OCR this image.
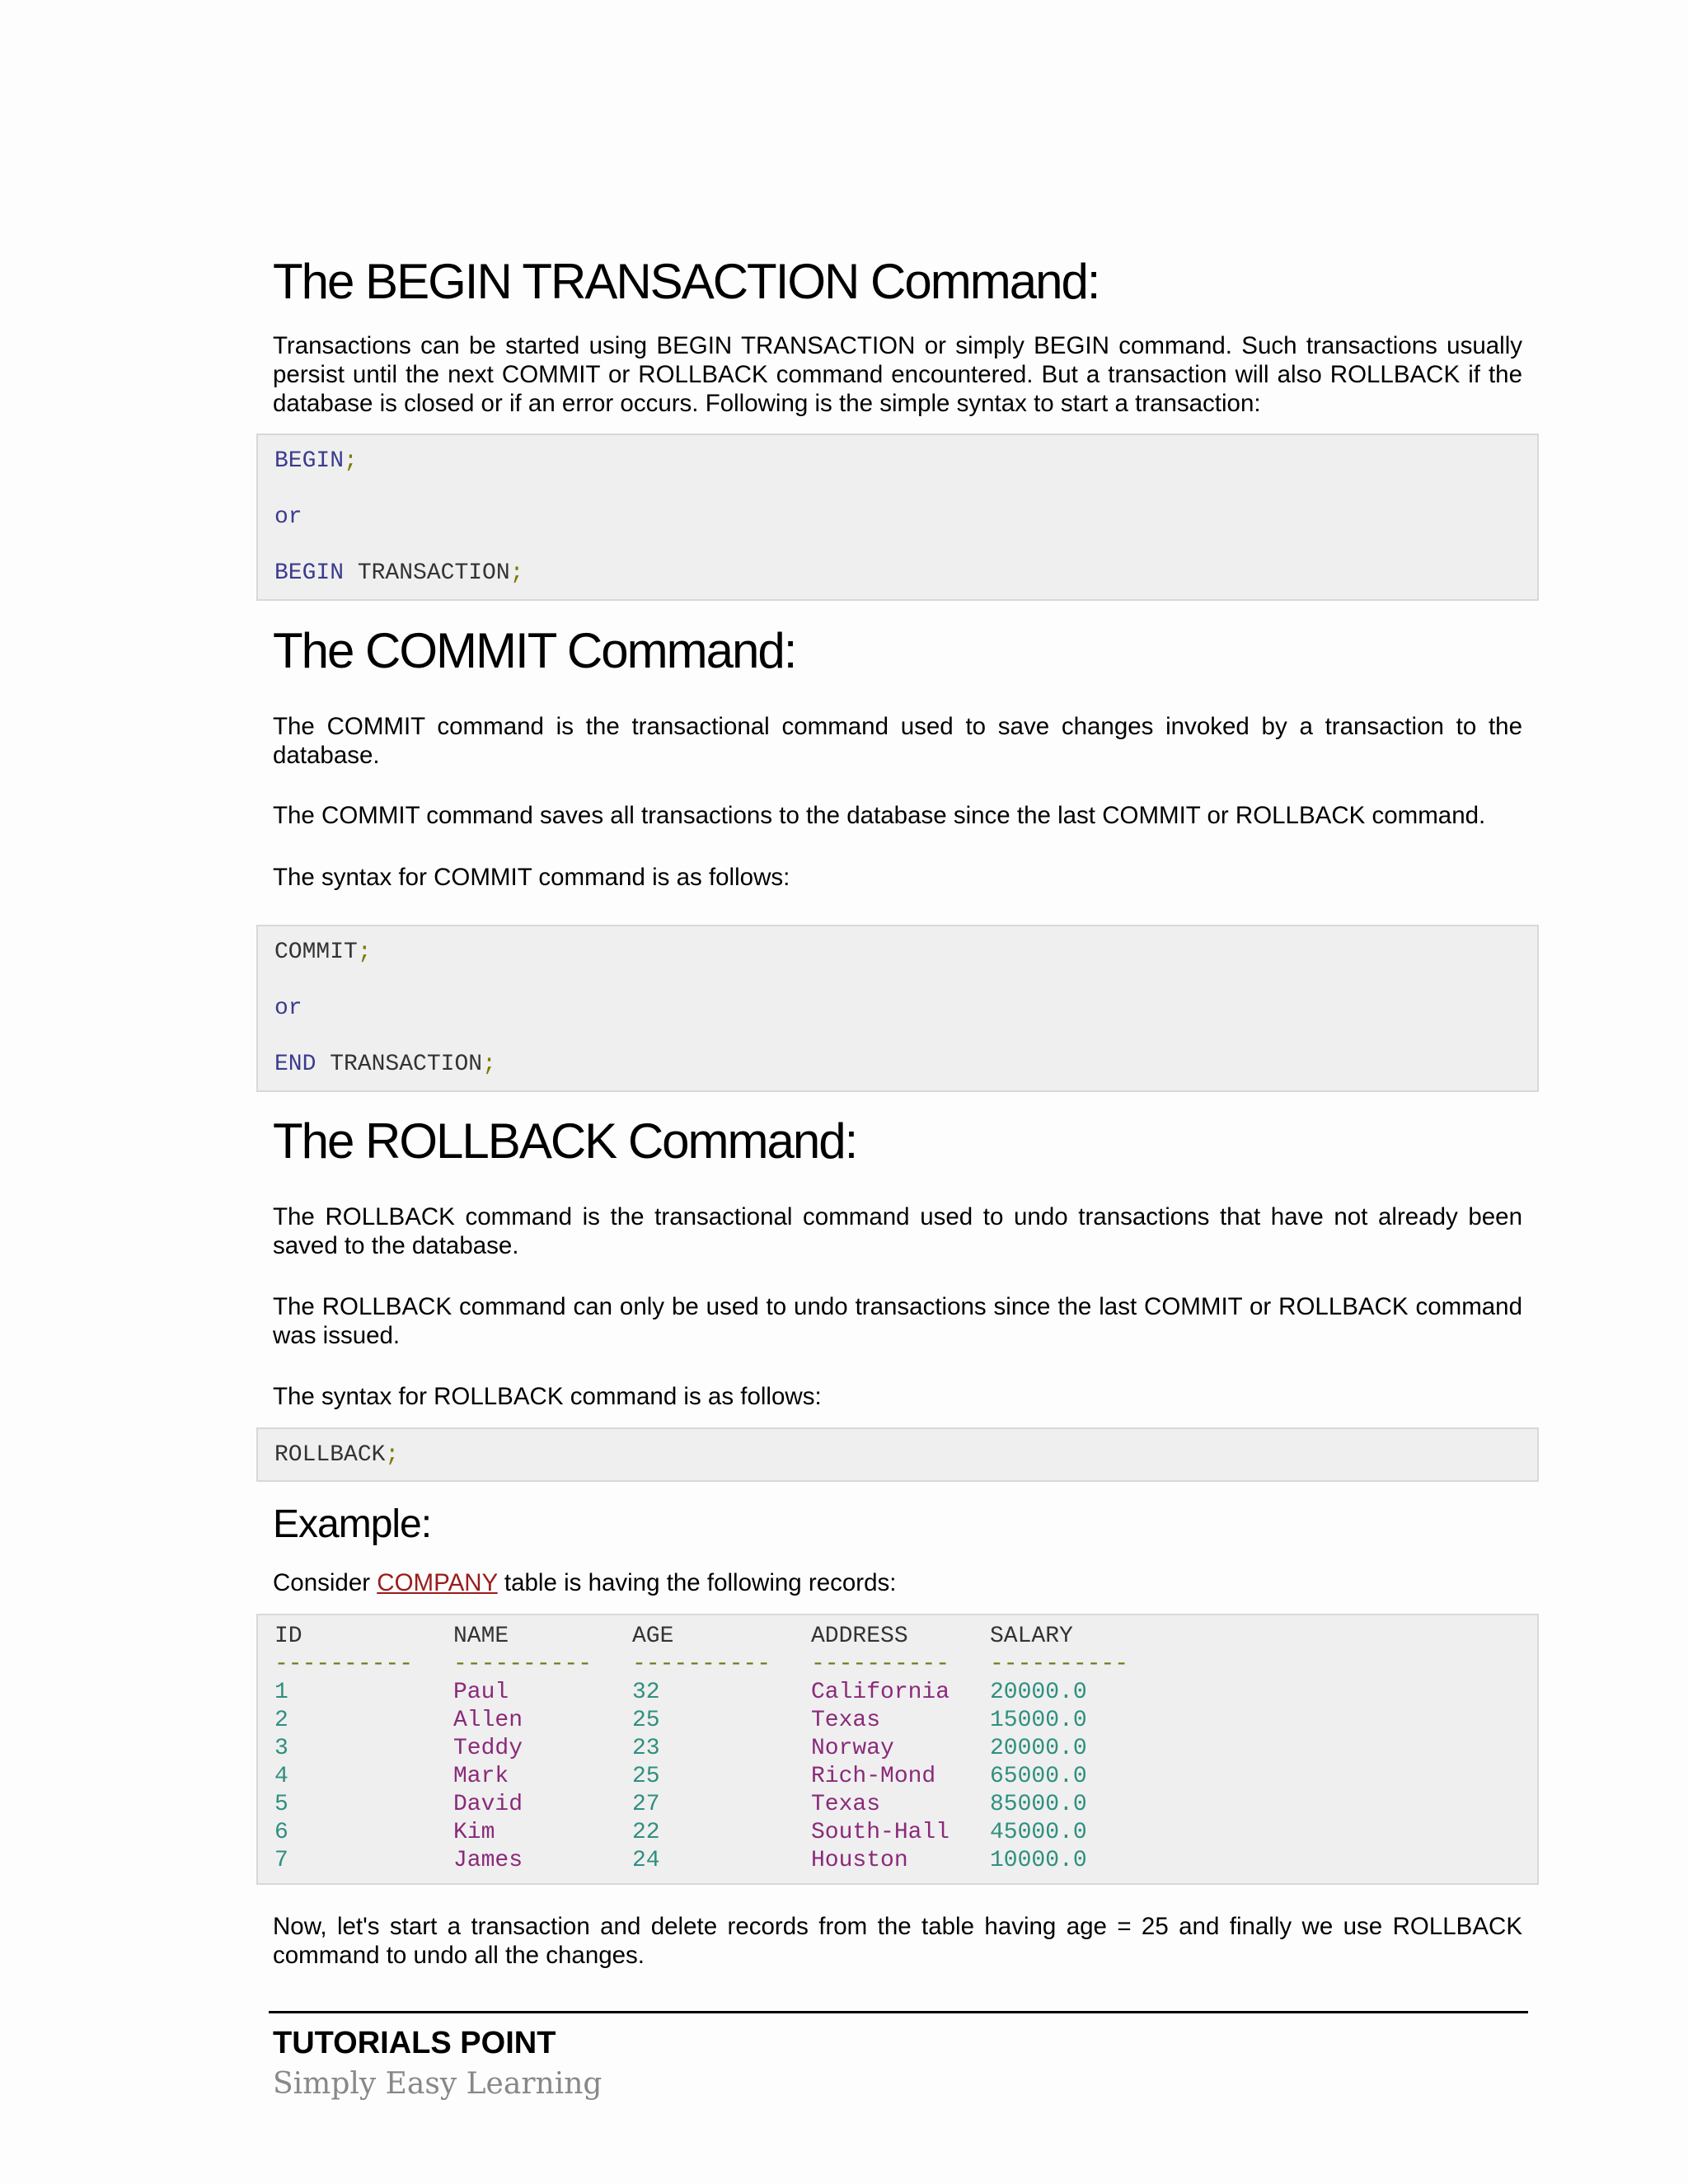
The BEGIN TRANSACTION Command:

Transactions can be started using BEGIN TRANSACTION or simply BEGIN command. Such transactions usually persist until the next COMMIT or ROLLBACK command encountered. But a transaction will also ROLLBACK if the database is closed or if an error occurs. Following is the simple syntax to start a transaction:

BEGIN;
or
BEGIN TRANSACTION;
The COMMIT Command:

The COMMIT command is the transactional command used to save changes invoked by a transaction to the database.

The COMMIT command saves all transactions to the database since the last COMMIT or ROLLBACK command.

The syntax for COMMIT command is as follows:

COMMIT;
or
END TRANSACTION;
The ROLLBACK Command:

The ROLLBACK command is the transactional command used to undo transactions that have not already been saved to the database.

The ROLLBACK command can only be used to undo transactions since the last COMMIT or ROLLBACK command was issued.

The syntax for ROLLBACK command is as follows:

ROLLBACK;
Example:

Consider COMPANY table is having the following records:

ID	NAME	AGE	ADDRESS	SALARY
---------- ---------- ---------- ---------- ----------
1	Paul	32	California 20000.0
2	Allen	25	Texas	15000.0
3	Teddy	23	Norway	20000.0
4	Mark	25	Rich-Mond 65000.0
5	David	27	Texas	85000.0
6	Kim	22	South-Hall 45000.0
7	James	24	Houston	10000.0

Now, let's start a transaction and delete records from the table having age = 25 and finally we use ROLLBACK command to undo all the changes.

TUTORIALS POINT
Simply Easy Learning
